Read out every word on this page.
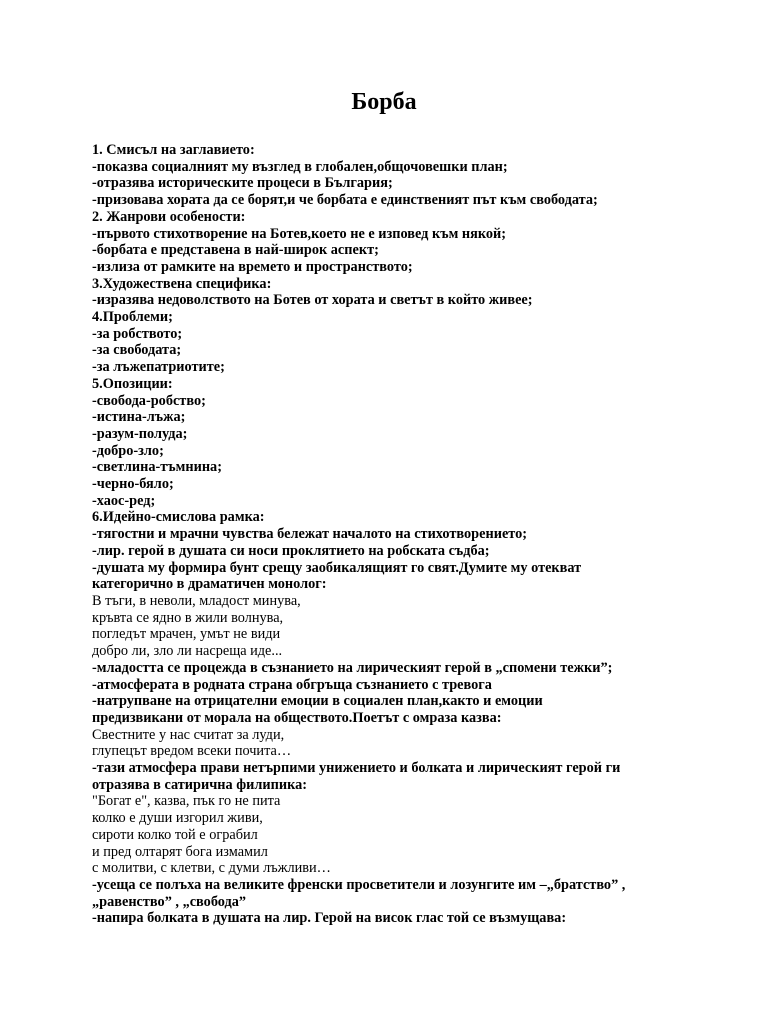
Борба
1. Смисъл на заглавието:
-показва социалният му възглед в глобален,общочовешки план;
-отразява историческите процеси в България;
-призовава хората да се борят,и че борбата е единственият път към свободата;
2. Жанрови особености:
-първото стихотворение на Ботев,което не е изповед към някой;
-борбата е представена в най-широк аспект;
-излиза от рамките на времето и пространството;
3.Художествена специфика:
-изразява недоволството на Ботев от хората и светът в който живее;
4.Проблеми;
-за робството;
-за свободата;
-за лъжепатриотите;
5.Опозиции:
-свобода-робство;
-истина-лъжа;
-разум-полуда;
-добро-зло;
-светлина-тъмнина;
-черно-бяло;
-хаос-ред;
6.Идейно-смислова рамка:
-тягостни и мрачни чувства бележат началото на стихотворението;
-лир. герой в душата си носи проклятието на робската съдба;
-душата му формира бунт срещу заобикалящият го свят.Думите му отекват
категорично в драматичен монолог:
В тъги, в неволи, младост минува,
кръвта се ядно в жили волнува,
погледът мрачен, умът не види
добро ли, зло ли насреща иде...
-младостта се процежда в съзнанието на лирическият герой в „спомени тежки”;
-атмосферата в родната страна обгръща съзнанието с тревога
-натрупване на отрицателни емоции в социален план,както и емоции
предизвикани от морала на обществото.Поетът с омраза казва:
Свестните у нас считат за луди,
глупецът вредом всеки почита…
-тази атмосфера прави нетърпими унижението и болката и лирическият герой ги
отразява в сатирична филипика:
"Богат е", казва, пък го не пита
колко е души изгорил живи,
сироти колко той е ограбил
и пред олтарят бога измамил
с молитви, с клетви, с думи лъжливи…
-усеща се полъха на великите френски просветители и лозунгите им –„братство” ,
„равенство” , „свобода”
-напира болката в душата на лир. Герой на висок глас той се възмущава:
